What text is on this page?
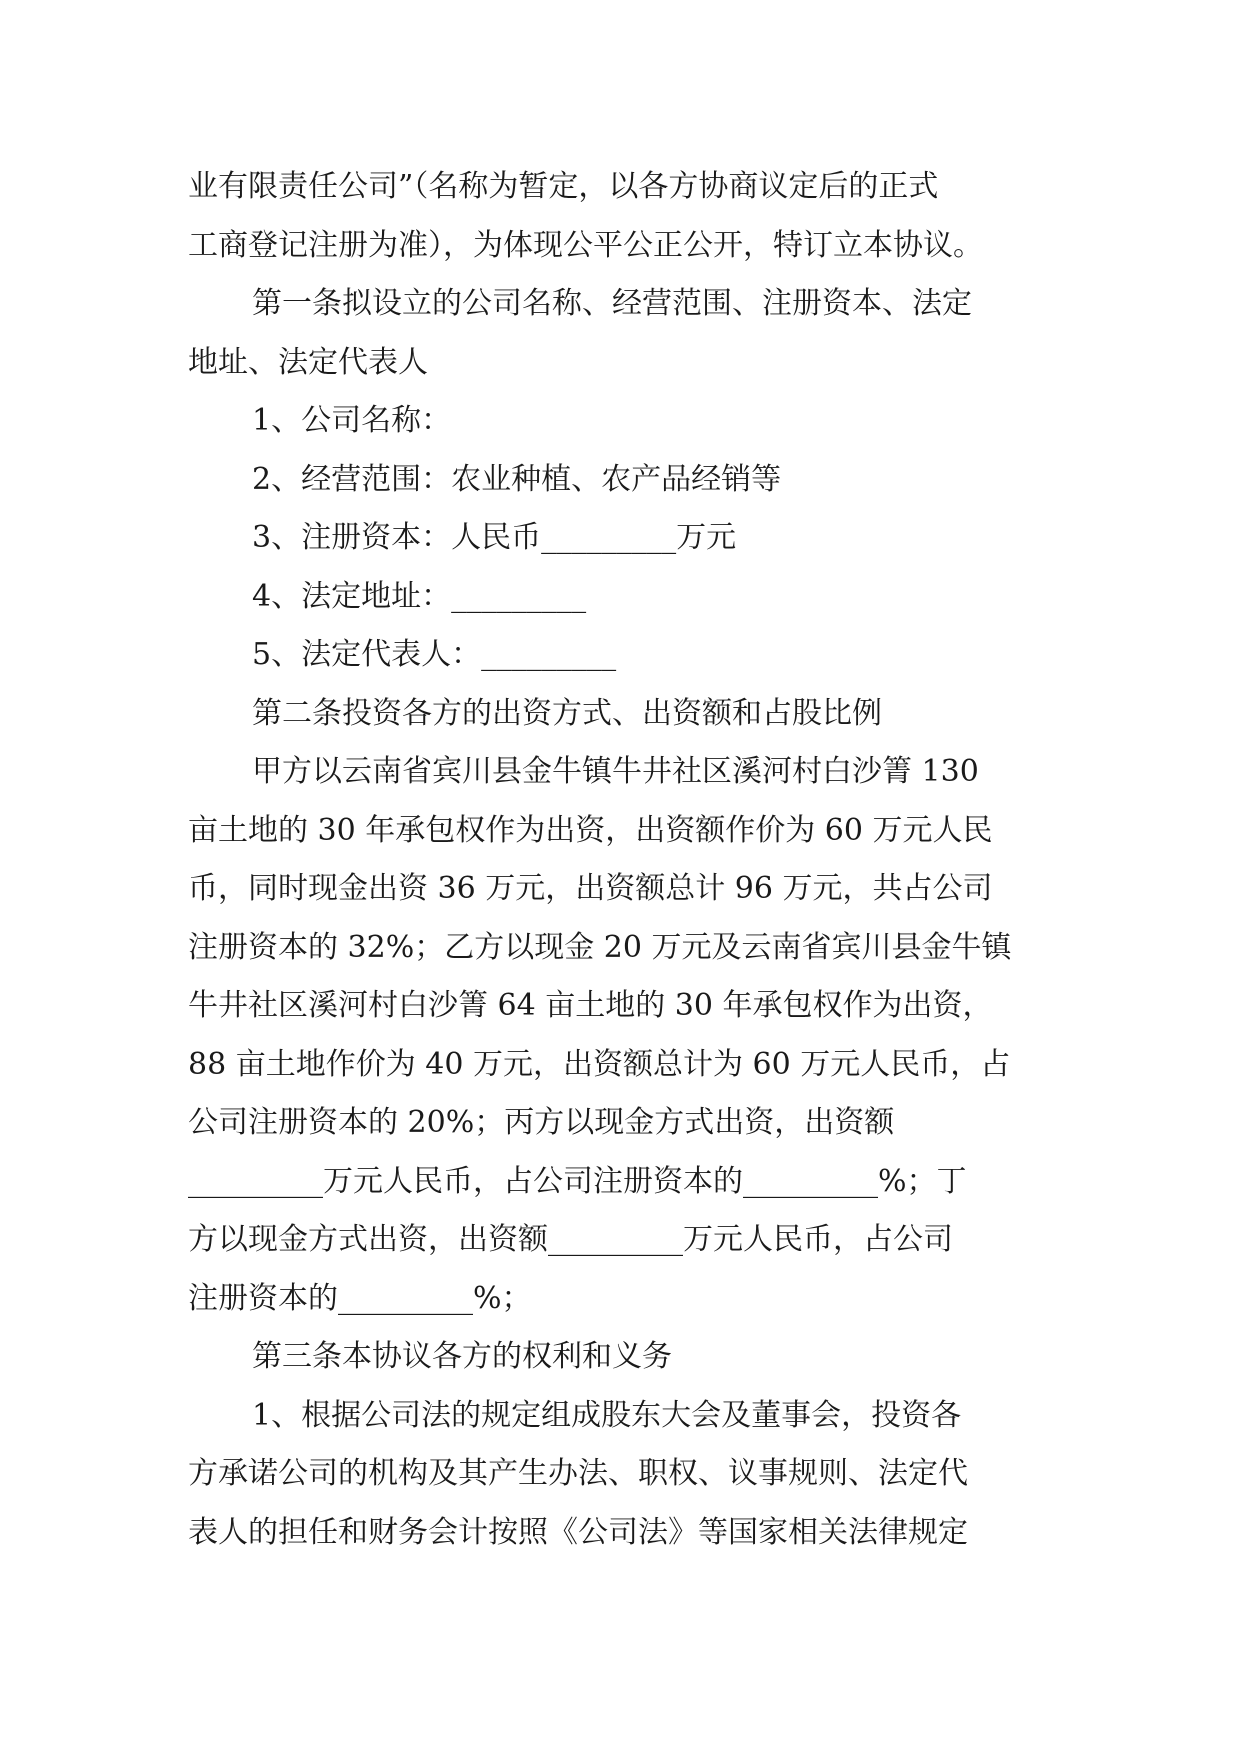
业有限责任公司”（名称为暂定，以各方协商议定后的正式
工商登记注册为准），为体现公平公正公开，特订立本协议。
第一条拟设立的公司名称、经营范围、注册资本、法定
地址、法定代表人
1、公司名称：
2、经营范围：农业种植、农产品经销等
3、注册资本：人民币_________万元
4、法定地址：_________
5、法定代表人：_________
第二条投资各方的出资方式、出资额和占股比例
甲方以云南省宾川县金牛镇牛井社区溪河村白沙箐 130
亩土地的 30 年承包权作为出资，出资额作价为 60 万元人民
币，同时现金出资 36 万元，出资额总计 96 万元，共占公司
注册资本的 32%；乙方以现金 20 万元及云南省宾川县金牛镇
牛井社区溪河村白沙箐 64 亩土地的 30 年承包权作为出资，
88 亩土地作价为 40 万元，出资额总计为 60 万元人民币，占
公司注册资本的 20%；丙方以现金方式出资，出资额
_________万元人民币，占公司注册资本的_________%；丁
方以现金方式出资，出资额_________万元人民币，占公司
注册资本的_________%；
第三条本协议各方的权利和义务
1、根据公司法的规定组成股东大会及董事会，投资各
方承诺公司的机构及其产生办法、职权、议事规则、法定代
表人的担任和财务会计按照《公司法》等国家相关法律规定
